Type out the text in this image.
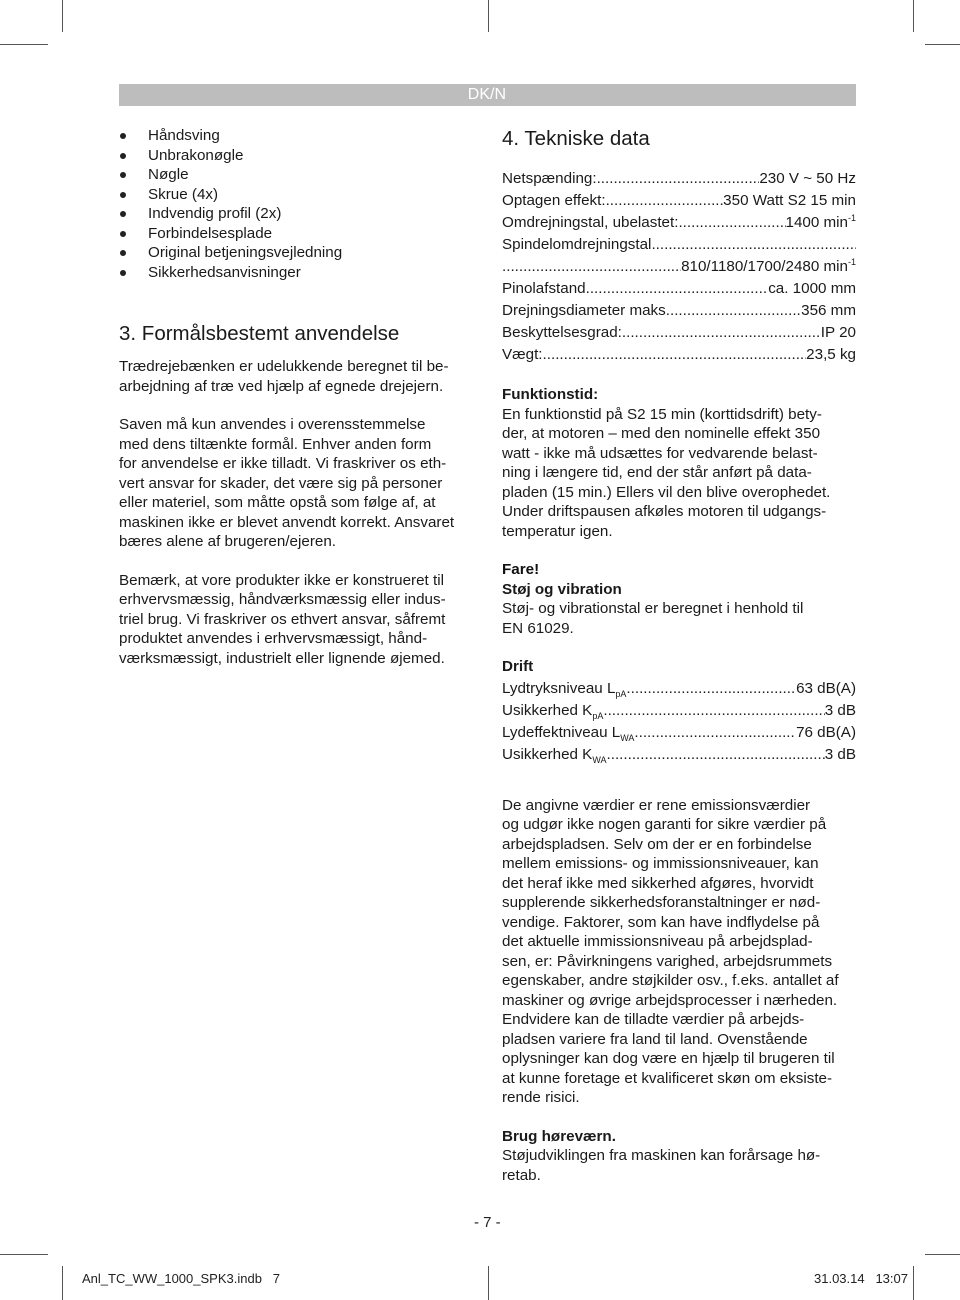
DK/N
Håndsving
Unbrakonøgle
Nøgle
Skrue (4x)
Indvendig profil (2x)
Forbindelsesplade
Original betjeningsvejledning
Sikkerhedsanvisninger
3. Formålsbestemt anvendelse

Trædrejebænken er udelukkende beregnet til be-
arbejdning af træ ved hjælp af egnede drejejern.

Saven må kun anvendes i overensstemmelse
med dens tiltænkte formål. Enhver anden form
for anvendelse er ikke tilladt. Vi fraskriver os eth-
vert ansvar for skader, det være sig på personer
eller materiel, som måtte opstå som følge af, at
maskinen ikke er blevet anvendt korrekt. Ansvaret
bæres alene af brugeren/ejeren.

Bemærk, at vore produkter ikke er konstrueret til
erhvervsmæssig, håndværksmæssig eller indus-
triel brug. Vi fraskriver os ethvert ansvar, såfremt
produktet anvendes i erhvervsmæssigt, hånd-
værksmæssigt, industrielt eller lignende øjemed.

4. Tekniske data
Netspænding: .....	230 V ~ 50 Hz
Optagen effekt: .....	350 Watt S2 15 min
Omdrejningstal, ubelastet: .....	1400 $\min^{-1}$
Spindelomdrejningstal
.....
.....
810/1180/1700/2480 $\min^{-1}$
Pinolafstand .....	ca. 1000 mm
Drejningsdiameter maks. .....	356 mm
Beskyttelsesgrad: .....	IP 20
Vægt: .....	23,5 kg

Funktionstid:

En funktionstid på S2 15 min (korttidsdrift) bety-
der, at motoren – med den nominelle effekt 350
watt - ikke må udsættes for vedvarende belast-
ning i længere tid, end der står anført på data-
pladen (15 min.) Ellers vil den blive overophedet.
Under driftspausen afkøles motoren til udgangs-
temperatur igen.

Fare!

Støj og vibration

Støj- og vibrationstal er beregnet i henhold til
EN 61029.

Drift

Lydtryksniveau $L_{pA}$ .....	63 dB(A)
Usikkerhed $K_{pA}$ .....	3 dB
Lydeffektniveau $L_{WA}$ .....	76 dB(A)
Usikkerhed $K_{WA}$ .....	3 dB

De angivne værdier er rene emissionsværdier
og udgør ikke nogen garanti for sikre værdier på
arbejdspladsen. Selv om der er en forbindelse
mellem emissions- og immissionsniveauer, kan
det heraf ikke med sikkerhed afgøres, hvorvidt
supplerende sikkerhedsforanstaltninger er nød-
vendige. Faktorer, som kan have indflydelse på
det aktuelle immissionsniveau på arbejdsplad-
sen, er: Påvirkningens varighed, arbejdsrummets
egenskaber, andre støjkilder osv., f.eks. antallet af
maskiner og øvrige arbejdsprocesser i nærheden.
Endvidere kan de tilladte værdier på arbejds-
pladsen variere fra land til land. Ovenstående
oplysninger kan dog være en hjælp til brugeren til
at kunne foretage et kvalificeret skøn om eksiste-
rende risici.

Brug høreværn.

Støjudviklingen fra maskinen kan forårsage hø-
retab.

- 7 -
Anl_TC_WW_1000_SPK3.indb   7	31.03.14   13:07
